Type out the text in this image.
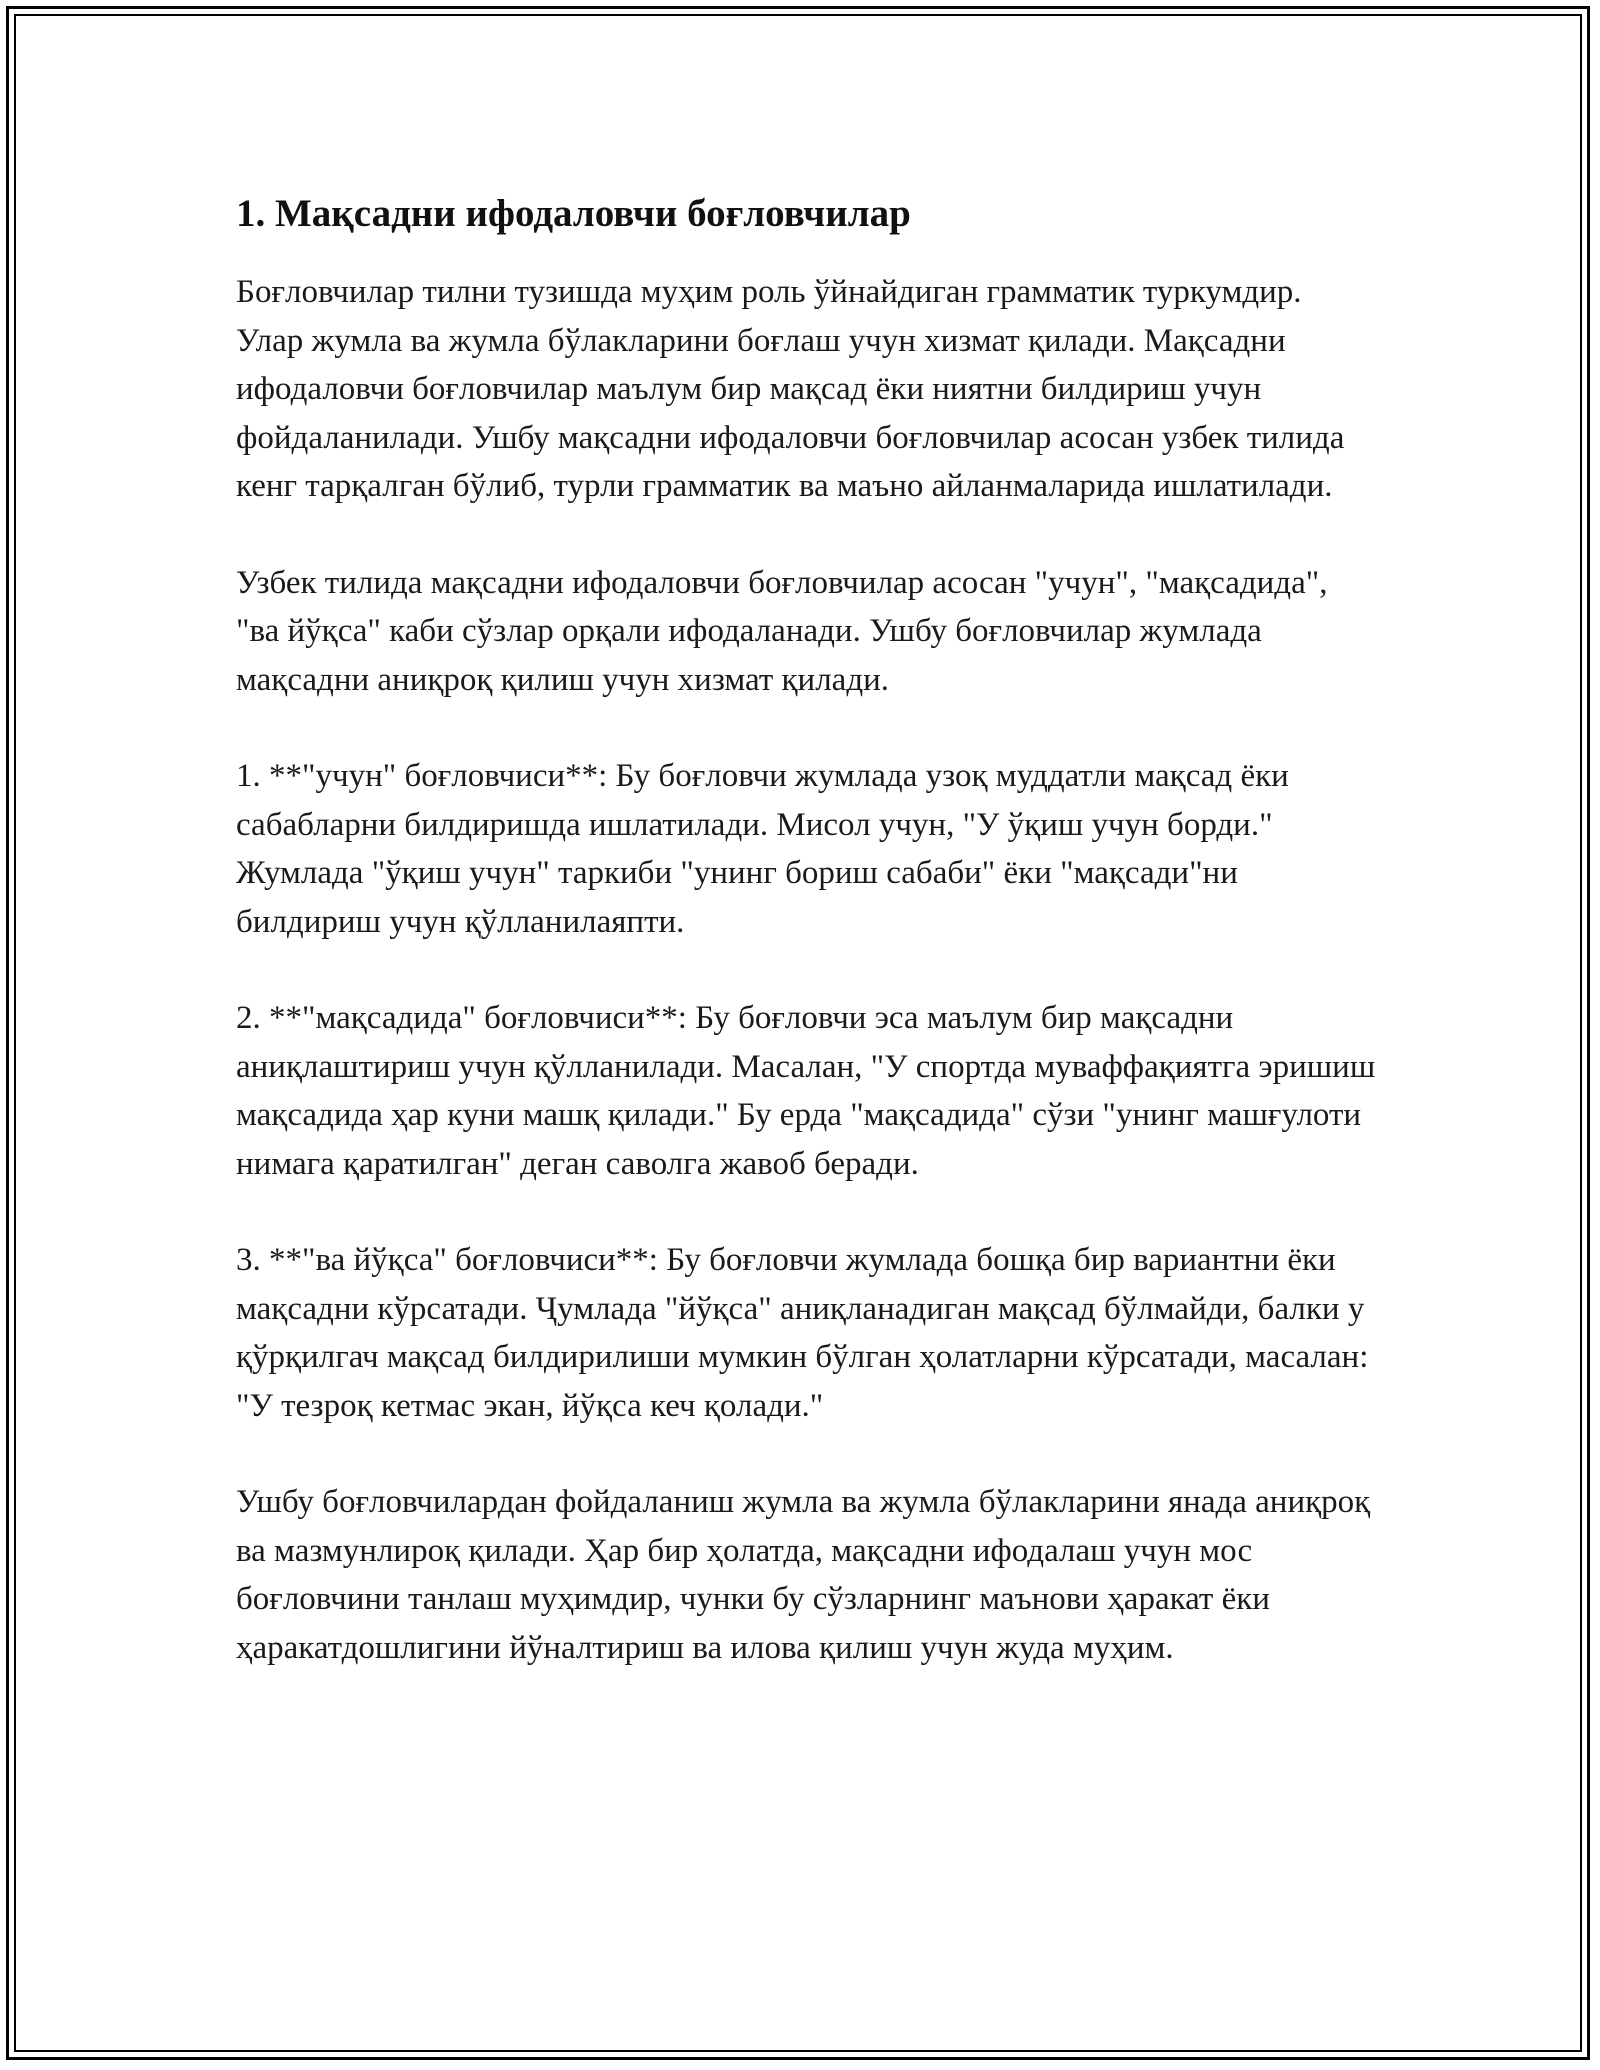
1. Мақсадни ифодаловчи боғловчилар

Боғловчилар тилни тузишда муҳим роль ўйнайдиган грамматик туркумдир. Улар жумла ва жумла бўлакларини боғлаш учун хизмат қилади. Мақсадни ифодаловчи боғловчилар маълум бир мақсад ёки ниятни билдириш учун фойдаланилади. Ушбу мақсадни ифодаловчи боғловчилар асосан узбек тилида кенг тарқалган бўлиб, турли грамматик ва маъно айланмаларида ишлатилади.

Узбек тилида мақсадни ифодаловчи боғловчилар асосан "учун", "мақсадида", "ва йўқса" каби сўзлар орқали ифодаланади. Ушбу боғловчилар жумлада мақсадни аниқроқ қилиш учун хизмат қилади.

1. **"учун" боғловчиси**: Бу боғловчи жумлада узоқ муддатли мақсад ёки сабабларни билдиришда ишлатилади. Мисол учун, "У ўқиш учун борди." Жумлада "ўқиш учун" таркиби "унинг бориш сабаби" ёки "мақсади"ни билдириш учун қўлланилаяпти.

2. **"мақсадида" боғловчиси**: Бу боғловчи эса маълум бир мақсадни аниқлаштириш учун қўлланилади. Масалан, "У спортда муваффақиятга эришиш мақсадида ҳар куни машқ қилади." Бу ерда "мақсадида" сўзи "унинг машғулоти нимага қаратилган" деган саволга жавоб беради.

3. **"ва йўқса" боғловчиси**: Бу боғловчи жумлада бошқа бир вариантни ёки мақсадни кўрсатади. Ҷумлада "йўқса" аниқланадиган мақсад бўлмайди, балки у қўрқилгач мақсад билдирилиши мумкин бўлган ҳолатларни кўрсатади, масалан: "У тезроқ кетмас экан, йўқса кеч қолади."

Ушбу боғловчилардан фойдаланиш жумла ва жумла бўлакларини янада аниқроқ ва мазмунлироқ қилади. Ҳар бир ҳолатда, мақсадни ифодалаш учун мос боғловчини танлаш муҳимдир, чунки бу сўзларнинг маънови ҳаракат ёки ҳаракатдошлигини йўналтириш ва илова қилиш учун жуда муҳим.
